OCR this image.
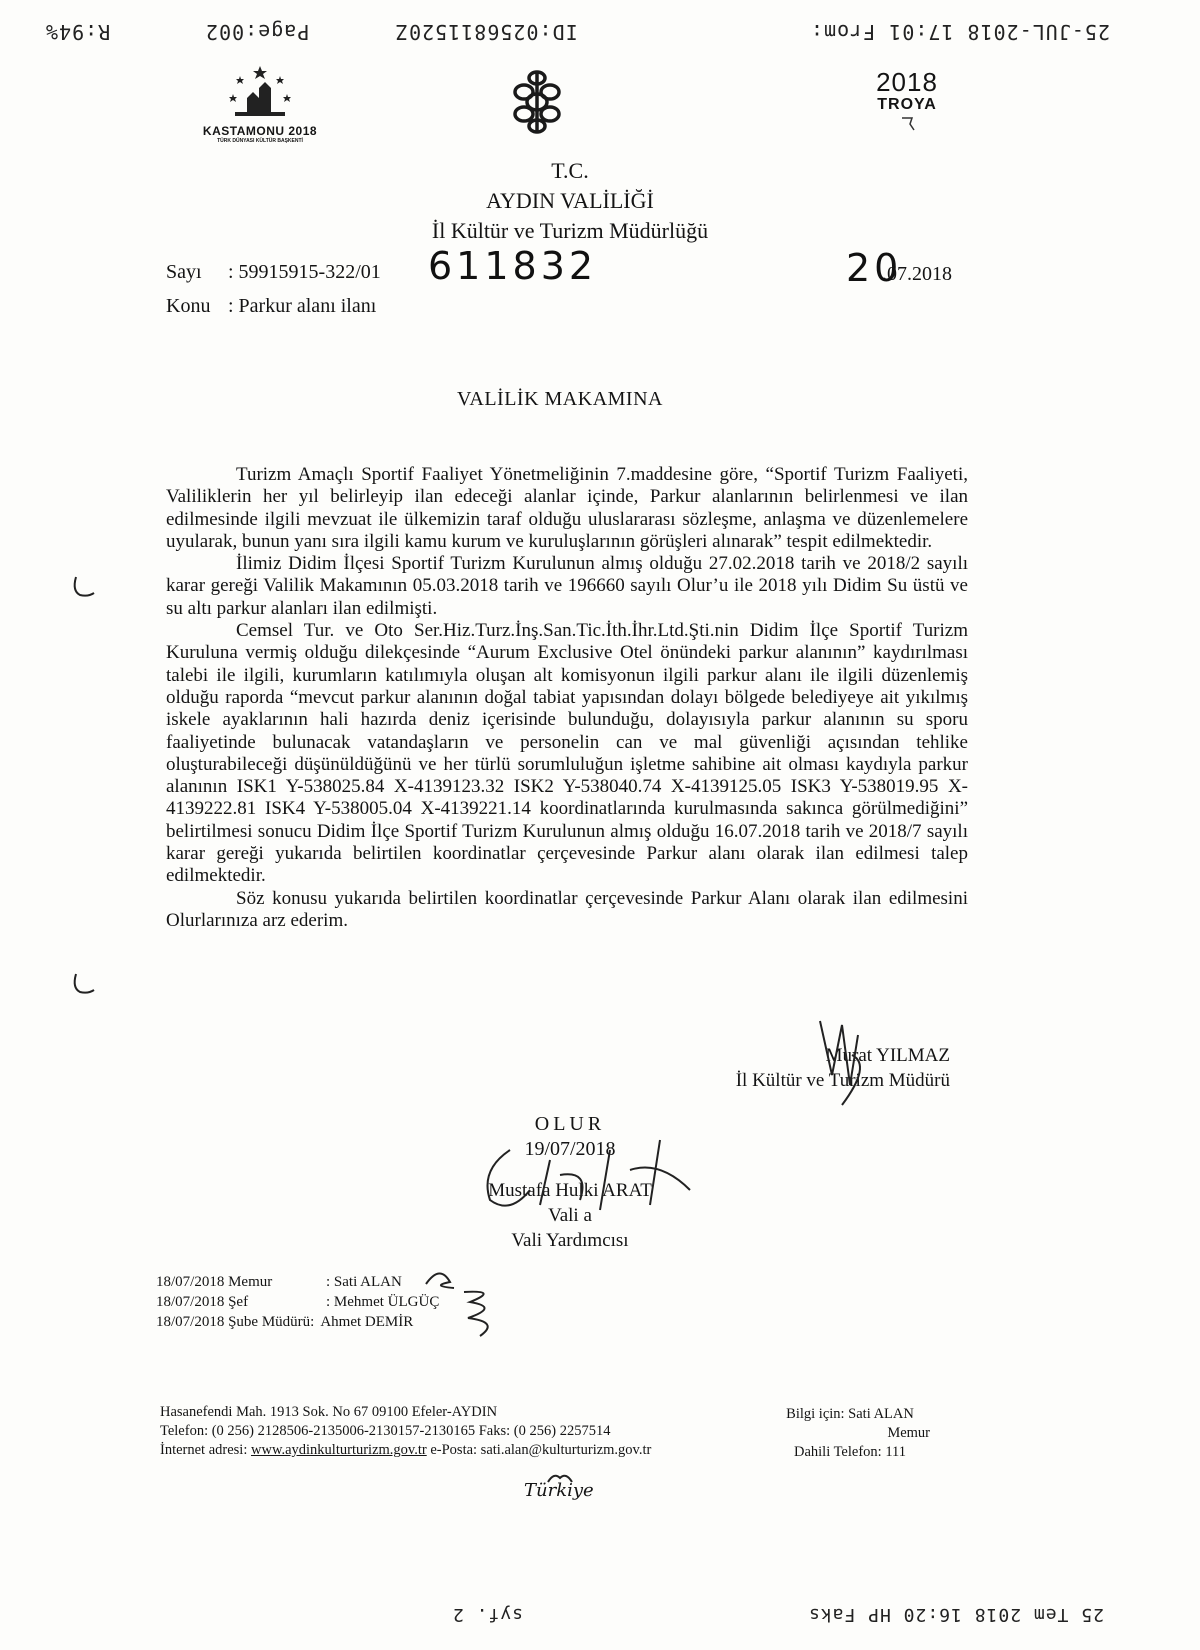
25-JUL-2018 17:01 From:
ID:0256811520Z
Page:002
R:94%
KASTAMONU 2018
TÜRK DÜNYASI KÜLTÜR BAŞKENTİ
2018
TROYA
T.C.
AYDIN VALİLİĞİ
İl Kültür ve Turizm Müdürlüğü
Sayı : 59915915-322/01 611832	20
.07.2018
Konu : Parkur alanı ilanı
VALİLİK MAKAMINA

Turizm Amaçlı Sportif Faaliyet Yönetmeliğinin 7.maddesine göre, “Sportif Turizm Faaliyeti, Valiliklerin her yıl belirleyip ilan edeceği alanlar içinde, Parkur alanlarının belirlenmesi ve ilan edilmesinde ilgili mevzuat ile ülkemizin taraf olduğu uluslararası sözleşme, anlaşma ve düzenlemelere uyularak, bunun yanı sıra ilgili kamu kurum ve kuruluşlarının görüşleri alınarak” tespit edilmektedir.

İlimiz Didim İlçesi Sportif Turizm Kurulunun almış olduğu 27.02.2018 tarih ve 2018/2 sayılı karar gereği Valilik Makamının 05.03.2018 tarih ve 196660 sayılı Olur’u ile 2018 yılı Didim Su üstü ve su altı parkur alanları ilan edilmişti.

Cemsel Tur. ve Oto Ser.Hiz.Turz.İnş.San.Tic.İth.İhr.Ltd.Şti.nin Didim İlçe Sportif Turizm Kuruluna vermiş olduğu dilekçesinde “Aurum Exclusive Otel önündeki parkur alanının” kaydırılması talebi ile ilgili, kurumların katılımıyla oluşan alt komisyonun ilgili parkur alanı ile ilgili düzenlemiş olduğu raporda “mevcut parkur alanının doğal tabiat yapısından dolayı bölgede belediyeye ait yıkılmış iskele ayaklarının hali hazırda deniz içerisinde bulunduğu, dolayısıyla parkur alanının su sporu faaliyetinde bulunacak vatandaşların ve personelin can ve mal güvenliği açısından tehlike oluşturabileceği düşünüldüğünü ve her türlü sorumluluğun işletme sahibine ait olması kaydıyla parkur alanının ISK1 Y-538025.84 X-4139123.32 ISK2 Y-538040.74 X-4139125.05 ISK3 Y-538019.95 X-4139222.81 ISK4 Y-538005.04 X-4139221.14 koordinatlarında kurulmasında sakınca görülmediğini” belirtilmesi sonucu Didim İlçe Sportif Turizm Kurulunun almış olduğu 16.07.2018 tarih ve 2018/7 sayılı karar gereği yukarıda belirtilen koordinatlar çerçevesinde Parkur alanı olarak ilan edilmesi talep edilmektedir.

Söz konusu yukarıda belirtilen koordinatlar çerçevesinde Parkur Alanı olarak ilan edilmesini Olurlarınıza arz ederim.

Murat YILMAZ
İl Kültür ve Turizm Müdürü
OLUR
19/07/2018
Mustafa Hulki ARAT
Vali a
Vali Yardımcısı
18/07/2018 Memur	: Sati ALAN
18/07/2018 Şef	: Mehmet ÜLGÜÇ
18/07/2018 Şube Müdürü: Ahmet DEMİR
Hasanefendi Mah. 1913 Sok. No 67 09100 Efeler-AYDIN
Telefon: (0 256) 2128506-2135006-2130157-2130165 Faks: (0 256) 2257514
İnternet adresi: www.aydinkulturturizm.gov.tr e-Posta: sati.alan@kulturturizm.gov.tr
Bilgi için: Sati ALAN
Memur
Dahili Telefon: 111
Türkiye
25 Tem 2018 16:20 HP Faks
syf. 2
